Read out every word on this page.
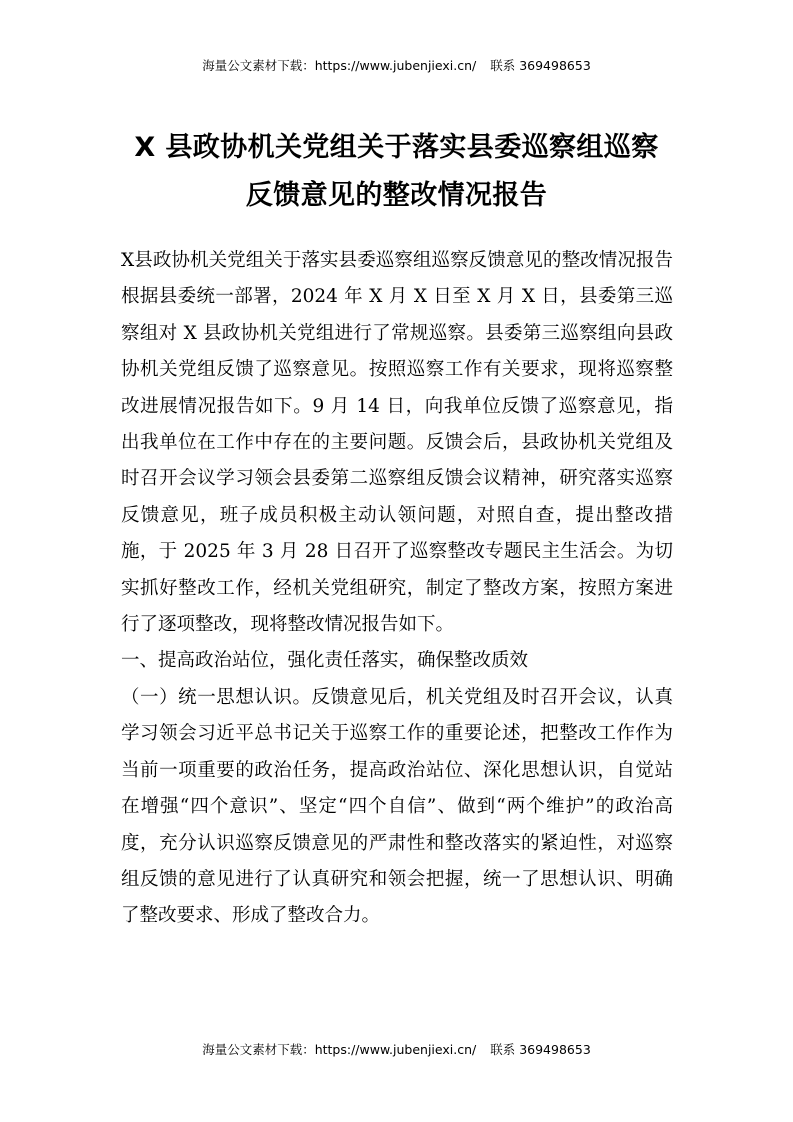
海量公文素材下载：https://www.jubenjiexi.cn/ 联系 369498653
X 县政协机关党组关于落实县委巡察组巡察
反馈意见的整改情况报告

X县政协机关党组关于落实县委巡察组巡察反馈意见的整改情况报告根据县委统一部署，2024 年 X 月 X 日至 X 月 X 日，县委第三巡察组对 X 县政协机关党组进行了常规巡察。县委第三巡察组向县政协机关党组反馈了巡察意见。按照巡察工作有关要求，现将巡察整改进展情况报告如下。9 月 14 日，向我单位反馈了巡察意见，指出我单位在工作中存在的主要问题。反馈会后，县政协机关党组及时召开会议学习领会县委第二巡察组反馈会议精神，研究落实巡察反馈意见，班子成员积极主动认领问题，对照自查，提出整改措施，于 2025 年 3 月 28 日召开了巡察整改专题民主生活会。为切实抓好整改工作，经机关党组研究，制定了整改方案，按照方案进行了逐项整改，现将整改情况报告如下。

一、提高政治站位，强化责任落实，确保整改质效

（一）统一思想认识。反馈意见后，机关党组及时召开会议，认真学习领会习近平总书记关于巡察工作的重要论述，把整改工作作为当前一项重要的政治任务，提高政治站位、深化思想认识，自觉站在增强“四个意识”、坚定“四个自信”、做到“两个维护”的政治高度，充分认识巡察反馈意见的严肃性和整改落实的紧迫性，对巡察组反馈的意见进行了认真研究和领会把握，统一了思想认识、明确了整改要求、形成了整改合力。

海量公文素材下载：https://www.jubenjiexi.cn/ 联系 369498653
